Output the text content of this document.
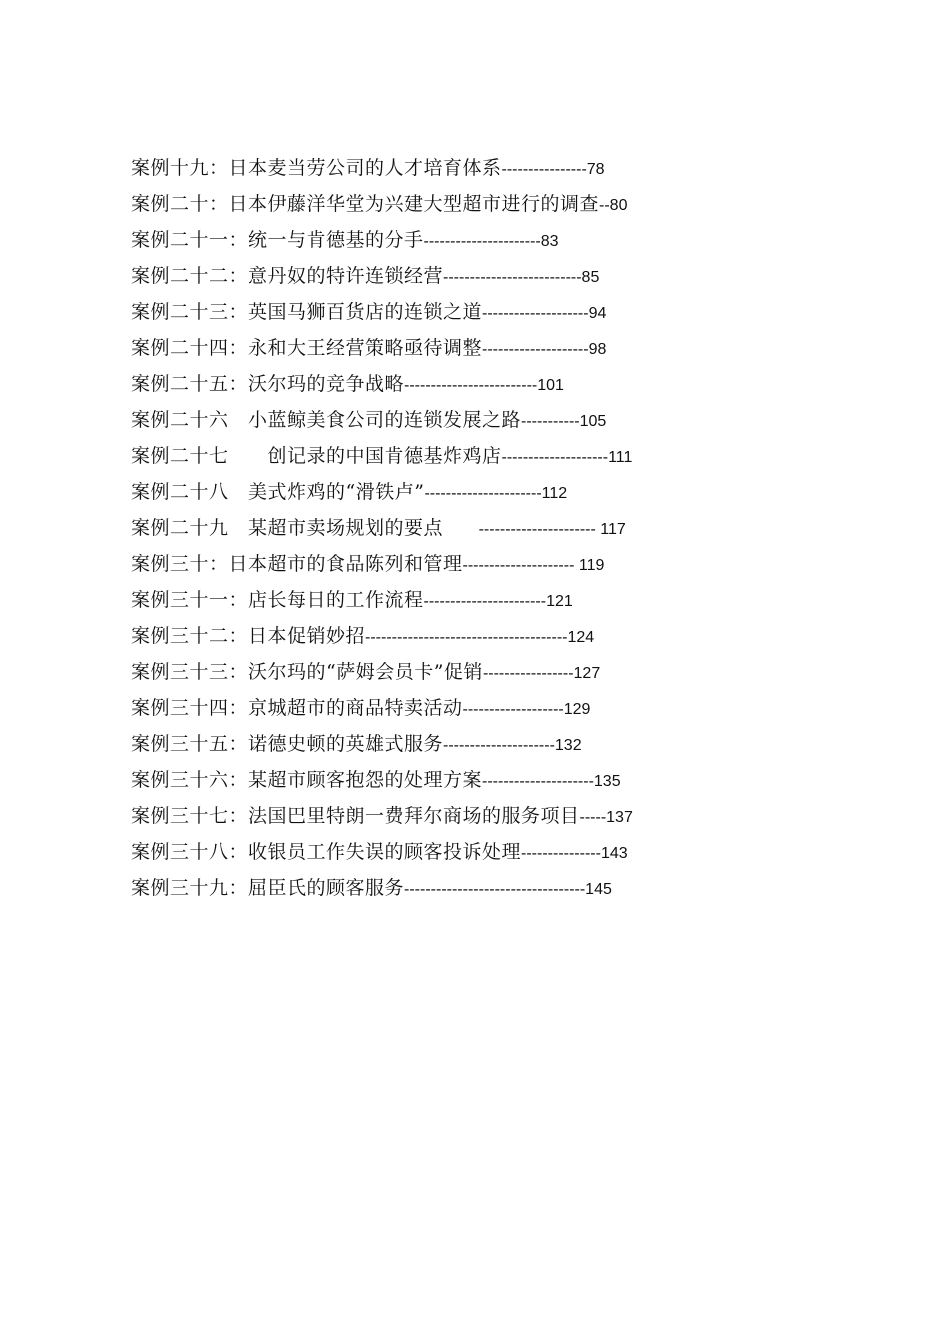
案例十九：日本麦当劳公司的人才培育体系----------------78
案例二十：日本伊藤洋华堂为兴建大型超市进行的调查--80
案例二十一：统一与肯德基的分手----------------------83
案例二十二：意丹奴的特许连锁经营--------------------------85
案例二十三：英国马狮百货店的连锁之道--------------------94
案例二十四：永和大王经营策略亟待调整--------------------98
案例二十五：沃尔玛的竞争战略-------------------------101
案例二十六　小蓝鲸美食公司的连锁发展之路-----------105
案例二十七　　创记录的中国肯德基炸鸡店--------------------111
案例二十八　美式炸鸡的“滑铁卢”----------------------112
案例二十九　某超市卖场规划的要点        ---------------------- 117
案例三十：日本超市的食品陈列和管理--------------------- 119
案例三十一：店长每日的工作流程-----------------------121
案例三十二：日本促销妙招--------------------------------------124
案例三十三：沃尔玛的“萨姆会员卡”促销-----------------127
案例三十四：京城超市的商品特卖活动-------------------129
案例三十五：诺德史顿的英雄式服务---------------------132
案例三十六：某超市顾客抱怨的处理方案---------------------135
案例三十七：法国巴里特朗一费拜尔商场的服务项目-----137
案例三十八：收银员工作失误的顾客投诉处理---------------143
案例三十九：屈臣氏的顾客服务----------------------------------145
